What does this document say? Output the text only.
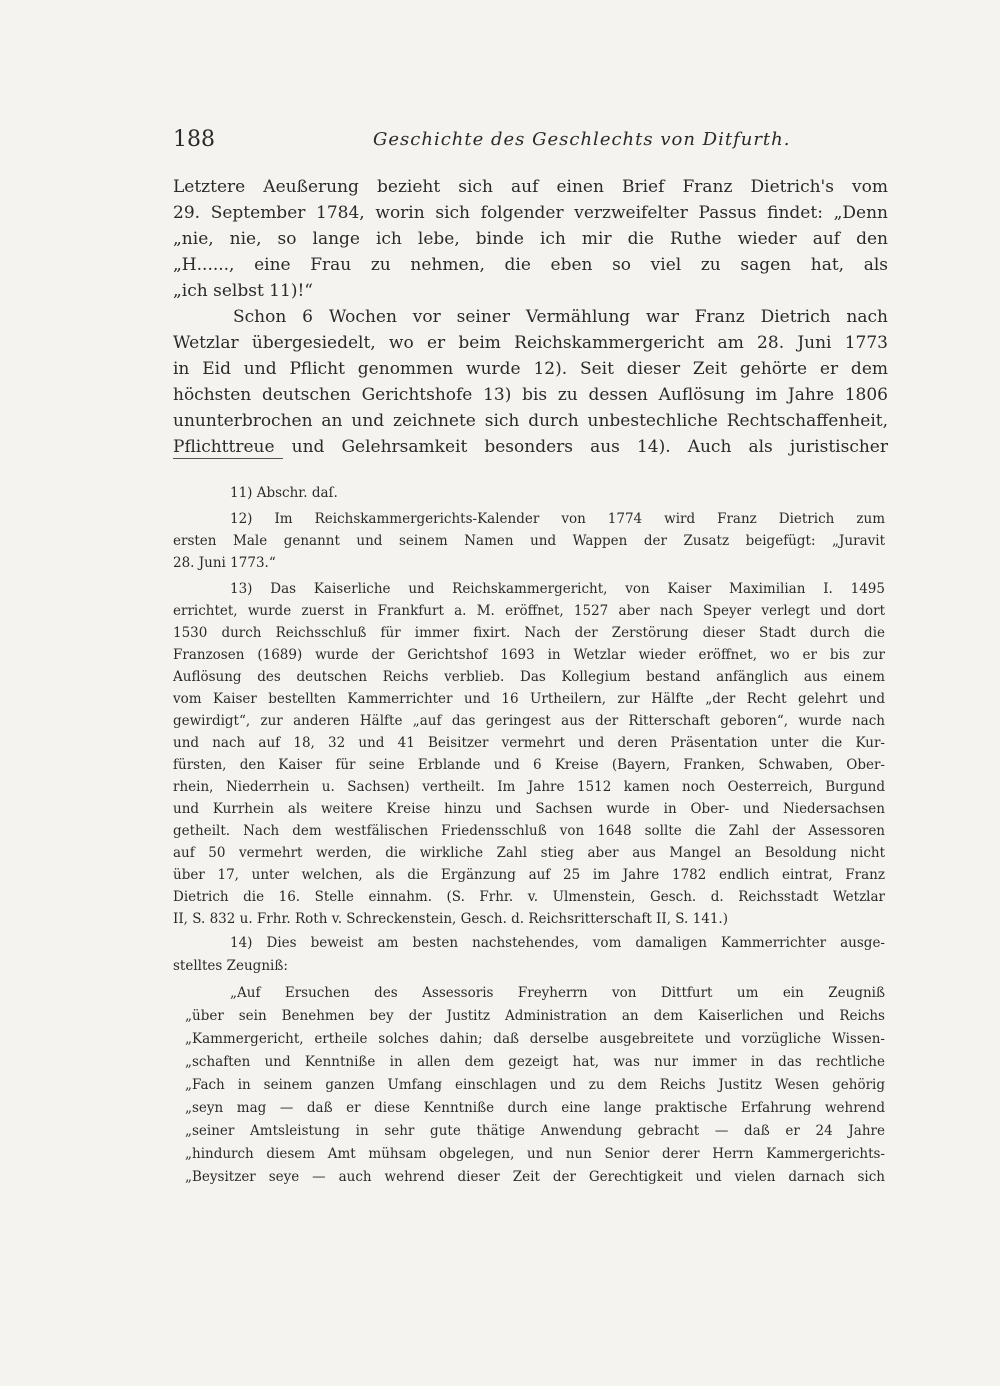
188	Geschichte des Geschlechts von Ditfurth.
Letztere Aeußerung bezieht sich auf einen Brief Franz Dietrich's vom
29. September 1784, worin sich folgender verzweifelter Passus findet: „Denn
„nie, nie, so lange ich lebe, binde ich mir die Ruthe wieder auf den
„H......, eine Frau zu nehmen, die eben so viel zu sagen hat, als
„ich selbst 11)!“
Schon 6 Wochen vor seiner Vermählung war Franz Dietrich nach
Wetzlar übergesiedelt, wo er beim Reichskammergericht am 28. Juni 1773
in Eid und Pflicht genommen wurde 12). Seit dieser Zeit gehörte er dem
höchsten deutschen Gerichtshofe 13) bis zu dessen Auflösung im Jahre 1806
ununterbrochen an und zeichnete sich durch unbestechliche Rechtschaffenheit,
Pflichttreue und Gelehrsamkeit besonders aus 14). Auch als juristischer
11) Abschr. daſ.
12) Im Reichskammergerichts-Kalender von 1774 wird Franz Dietrich zum
ersten Male genannt und seinem Namen und Wappen der Zusatz beigefügt: „Juravit
28. Juni 1773.“
13) Das Kaiserliche und Reichskammergericht, von Kaiser Maximilian I. 1495
errichtet, wurde zuerst in Frankfurt a. M. eröffnet, 1527 aber nach Speyer verlegt und dort
1530 durch Reichsschluß für immer fixirt. Nach der Zerstörung dieser Stadt durch die
Franzosen (1689) wurde der Gerichtshof 1693 in Wetzlar wieder eröffnet, wo er bis zur
Auflösung des deutschen Reichs verblieb. Das Kollegium bestand anfänglich aus einem
vom Kaiser bestellten Kammerrichter und 16 Urtheilern, zur Hälfte „der Recht gelehrt und
gewirdigt“, zur anderen Hälfte „auf das geringest aus der Ritterschaft geboren“, wurde nach
und nach auf 18, 32 und 41 Beisitzer vermehrt und deren Präsentation unter die Kur-
fürsten, den Kaiser für seine Erblande und 6 Kreise (Bayern, Franken, Schwaben, Ober-
rhein, Niederrhein u. Sachsen) vertheilt. Im Jahre 1512 kamen noch Oesterreich, Burgund
und Kurrhein als weitere Kreise hinzu und Sachsen wurde in Ober- und Niedersachsen
getheilt. Nach dem westfälischen Friedensschluß von 1648 sollte die Zahl der Assessoren
auf 50 vermehrt werden, die wirkliche Zahl stieg aber aus Mangel an Besoldung nicht
über 17, unter welchen, als die Ergänzung auf 25 im Jahre 1782 endlich eintrat, Franz
Dietrich die 16. Stelle einnahm. (S. Frhr. v. Ulmenstein, Gesch. d. Reichsstadt Wetzlar
II, S. 832 u. Frhr. Roth v. Schreckenstein, Gesch. d. Reichsritterschaft II, S. 141.)
14) Dies beweist am besten nachstehendes, vom damaligen Kammerrichter ausge-
stelltes Zeugniß:
„Auf Ersuchen des Assessoris Freyherrn von Dittfurt um ein Zeugniß
„über sein Benehmen bey der Justitz Administration an dem Kaiserlichen und Reichs
„Kammergericht, ertheile solches dahin; daß derselbe ausgebreitete und vorzügliche Wissen-
„schaften und Kenntniße in allen dem gezeigt hat, was nur immer in das rechtliche
„Fach in seinem ganzen Umfang einschlagen und zu dem Reichs Justitz Wesen gehörig
„seyn mag — daß er diese Kenntniße durch eine lange praktische Erfahrung wehrend
„seiner Amtsleistung in sehr gute thätige Anwendung gebracht — daß er 24 Jahre
„hindurch diesem Amt mühsam obgelegen, und nun Senior derer Herrn Kammergerichts-
„Beysitzer seye — auch wehrend dieser Zeit der Gerechtigkeit und vielen darnach sich
